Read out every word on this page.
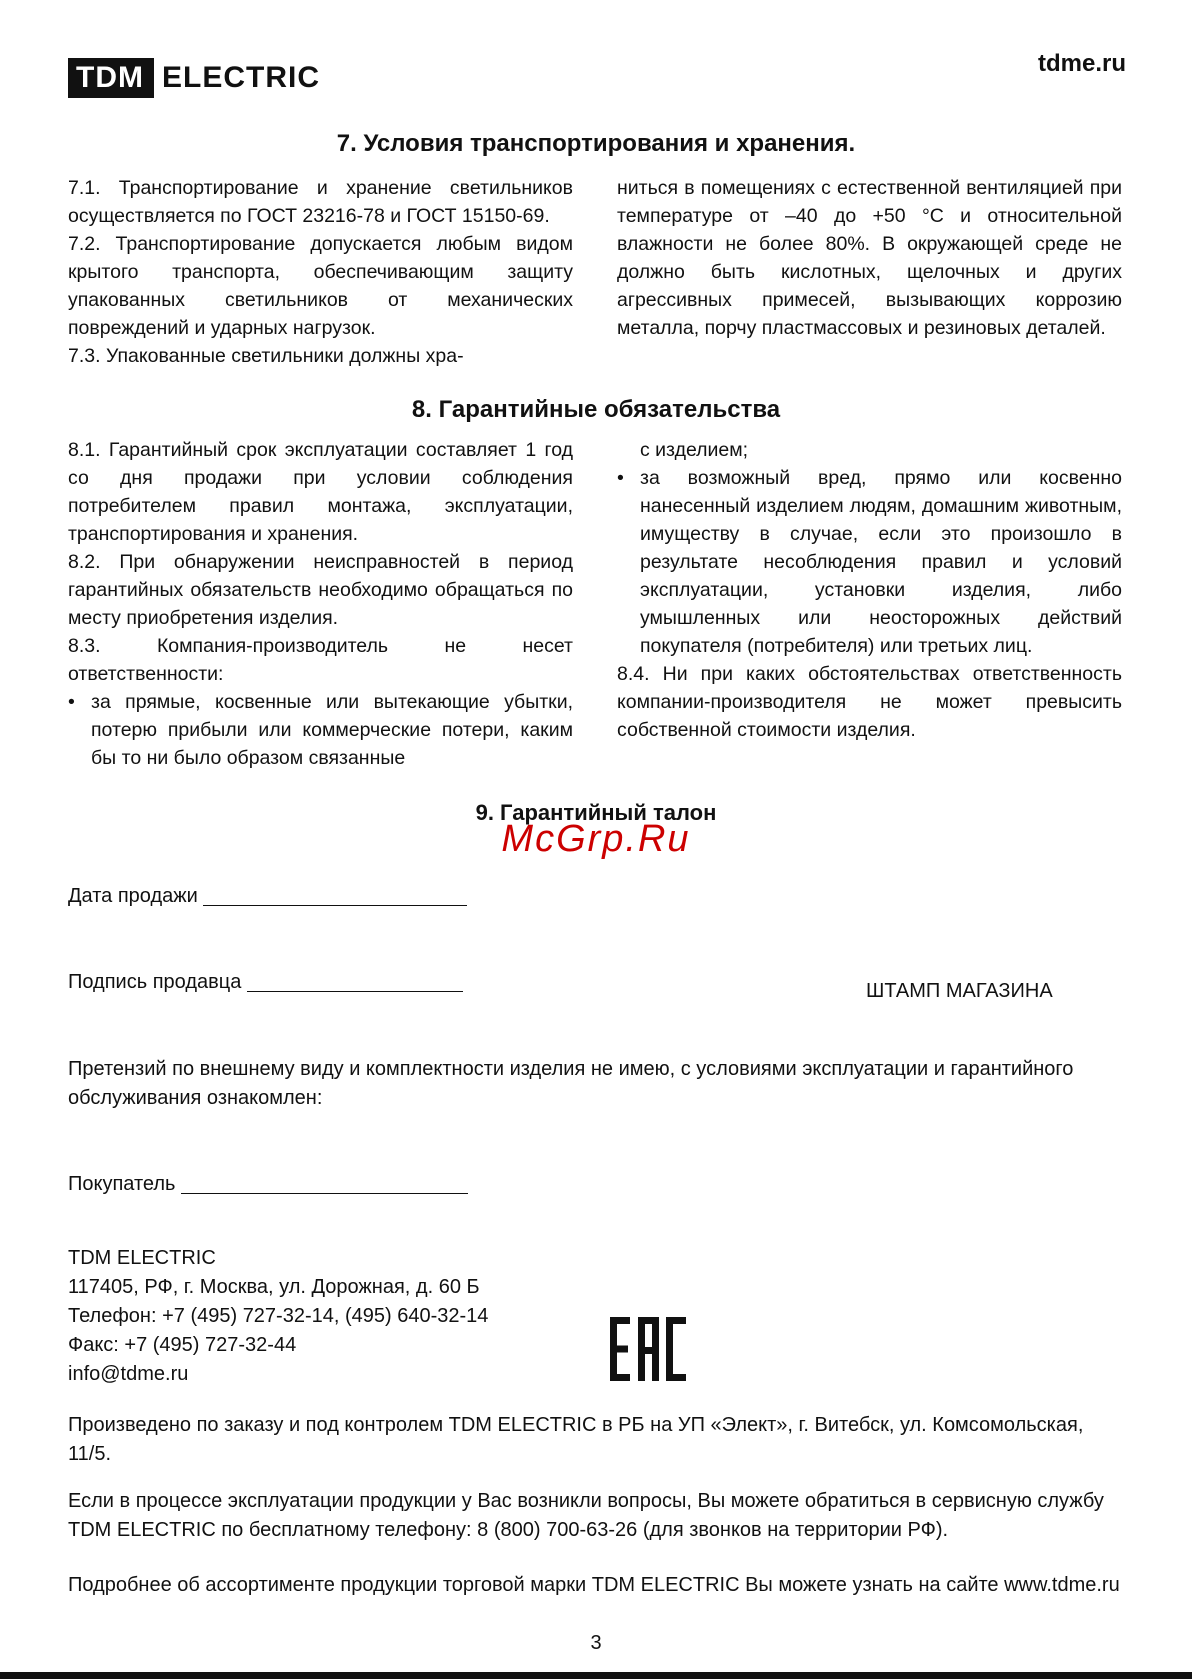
TDM ELECTRIC	tdme.ru
7. Условия транспортирования и хранения.

7.1. Транспортирование и хранение светильников осуществляется по ГОСТ 23216-78 и ГОСТ 15150-69.

7.2. Транспортирование допускается любым видом крытого транспорта, обеспечивающим защиту упакованных светильников от механических повреждений и ударных нагрузок.

7.3. Упакованные светильники должны хра-

ниться в помещениях с естественной вентиляцией при температуре от –40 до +50 °С и относительной влажности не более 80%. В окружающей среде не должно быть кислотных, щелочных и других агрессивных примесей, вызывающих коррозию металла, порчу пластмассовых и резиновых деталей.

8. Гарантийные обязательства

8.1. Гарантийный срок эксплуатации составляет 1 год со дня продажи при условии соблюдения потребителем правил монтажа, эксплуатации, транспортирования и хранения.

8.2. При обнаружении неисправностей в период гарантийных обязательств необходимо обращаться по месту приобретения изделия.

8.3. Компания-производитель не несет ответственности:

• за прямые, косвенные или вытекающие убытки, потерю прибыли или коммерческие потери, каким бы то ни было образом связанные

с изделием;

• за возможный вред, прямо или косвенно нанесенный изделием людям, домашним животным, имуществу в случае, если это произошло в результате несоблюдения правил и условий эксплуатации, установки изделия, либо умышленных или неосторожных действий покупателя (потребителя) или третьих лиц.

8.4. Ни при каких обстоятельствах ответственность компании-производителя не может превысить собственной стоимости изделия.

9. Гарантийный талон
McGrp.Ru
Дата продажи
Подпись продавца	ШТАМП МАГАЗИНА
Претензий по внешнему виду и комплектности изделия не имею, с условиями эксплуатации и гарантийного обслуживания ознакомлен:
Покупатель
TDM ELECTRIC
117405, РФ, г. Москва, ул. Дорожная, д. 60 Б
Телефон: +7 (495) 727-32-14, (495) 640-32-14
Факс: +7 (495) 727-32-44
info@tdme.ru
Произведено по заказу и под контролем TDM ELECTRIC в РБ на УП «Элект», г. Витебск, ул. Комсомольская, 11/5.
Если в процессе эксплуатации продукции у Вас возникли вопросы, Вы можете обратиться в сервисную службу TDM ELECTRIC по бесплатному телефону: 8 (800) 700-63-26 (для звонков на территории РФ).
Подробнее об ассортименте продукции торговой марки TDM ELECTRIC Вы можете узнать на сайте www.tdme.ru
3
